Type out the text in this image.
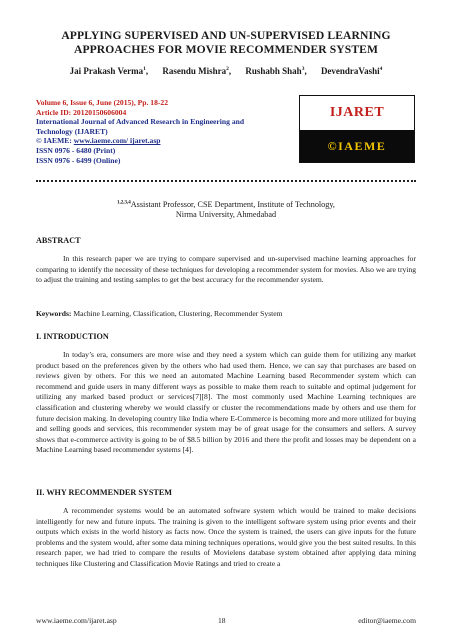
APPLYING SUPERVISED AND UN-SUPERVISED LEARNING
APPROACHES FOR MOVIE RECOMMENDER SYSTEM
Jai Prakash Verma$^1$, Rasendu Mishra$^2$, Rushabh Shah$^3$, DevendraVashi$^4$
Volume 6, Issue 6, June (2015), Pp. 18-22
Article ID: 20120150606004
International Journal of Advanced Research in Engineering and
Technology (IJARET)
© IAEME: www.iaeme.com/ ijaret.asp
ISSN 0976 - 6480 (Print)
ISSN 0976 - 6499 (Online)
IJARET
©IAEME
$^{1,2,3,4}$Assistant Professor, CSE Department, Institute of Technology,
Nirma University, Ahmedabad
ABSTRACT
In this research paper we are trying to compare supervised and un-supervised machine learning approaches for comparing to identify the necessity of these techniques for developing a recommender system for movies. Also we are trying to adjust the training and testing samples to get the best accuracy for the recommender system.
Keywords: Machine Learning, Classification, Clustering, Recommender System
I. INTRODUCTION
In today’s era, consumers are more wise and they need a system which can guide them for utilizing any market product based on the preferences given by the others who had used them. Hence, we can say that purchases are based on reviews given by others. For this we need an automated Machine Learning based Recommender system which can recommend and guide users in many different ways as possible to make them reach to suitable and optimal judgement for utilizing any marked based product or services[7][8]. The most commonly used Machine Learning techniques are classification and clustering whereby we would classify or cluster the recommendations made by others and use them for future decision making. In developing country like India where E-Commerce is becoming more and more utilized for buying and selling goods and services, this recommender system may be of great usage for the consumers and sellers. A survey shows that e-commerce activity is going to be of $8.5 billion by 2016 and there the profit and losses may be dependent on a Machine Learning based recommender systems [4].
II. WHY RECOMMENDER SYSTEM
A recommender systems would be an automated software system which would be trained to make decisions intelligently for new and future inputs. The training is given to the intelligent software system using prior events and their outputs which exists in the world history as facts now. Once the system is trained, the users can give inputs for the future problems and the system would, after some data mining techniques operations, would give you the best suited results. In this research paper, we had tried to compare the results of Movielens database system obtained after applying data mining techniques like Clustering and Classification Movie Ratings and tried to create a
www.iaeme.com/ijaret.asp	18	editor@iaeme.com
